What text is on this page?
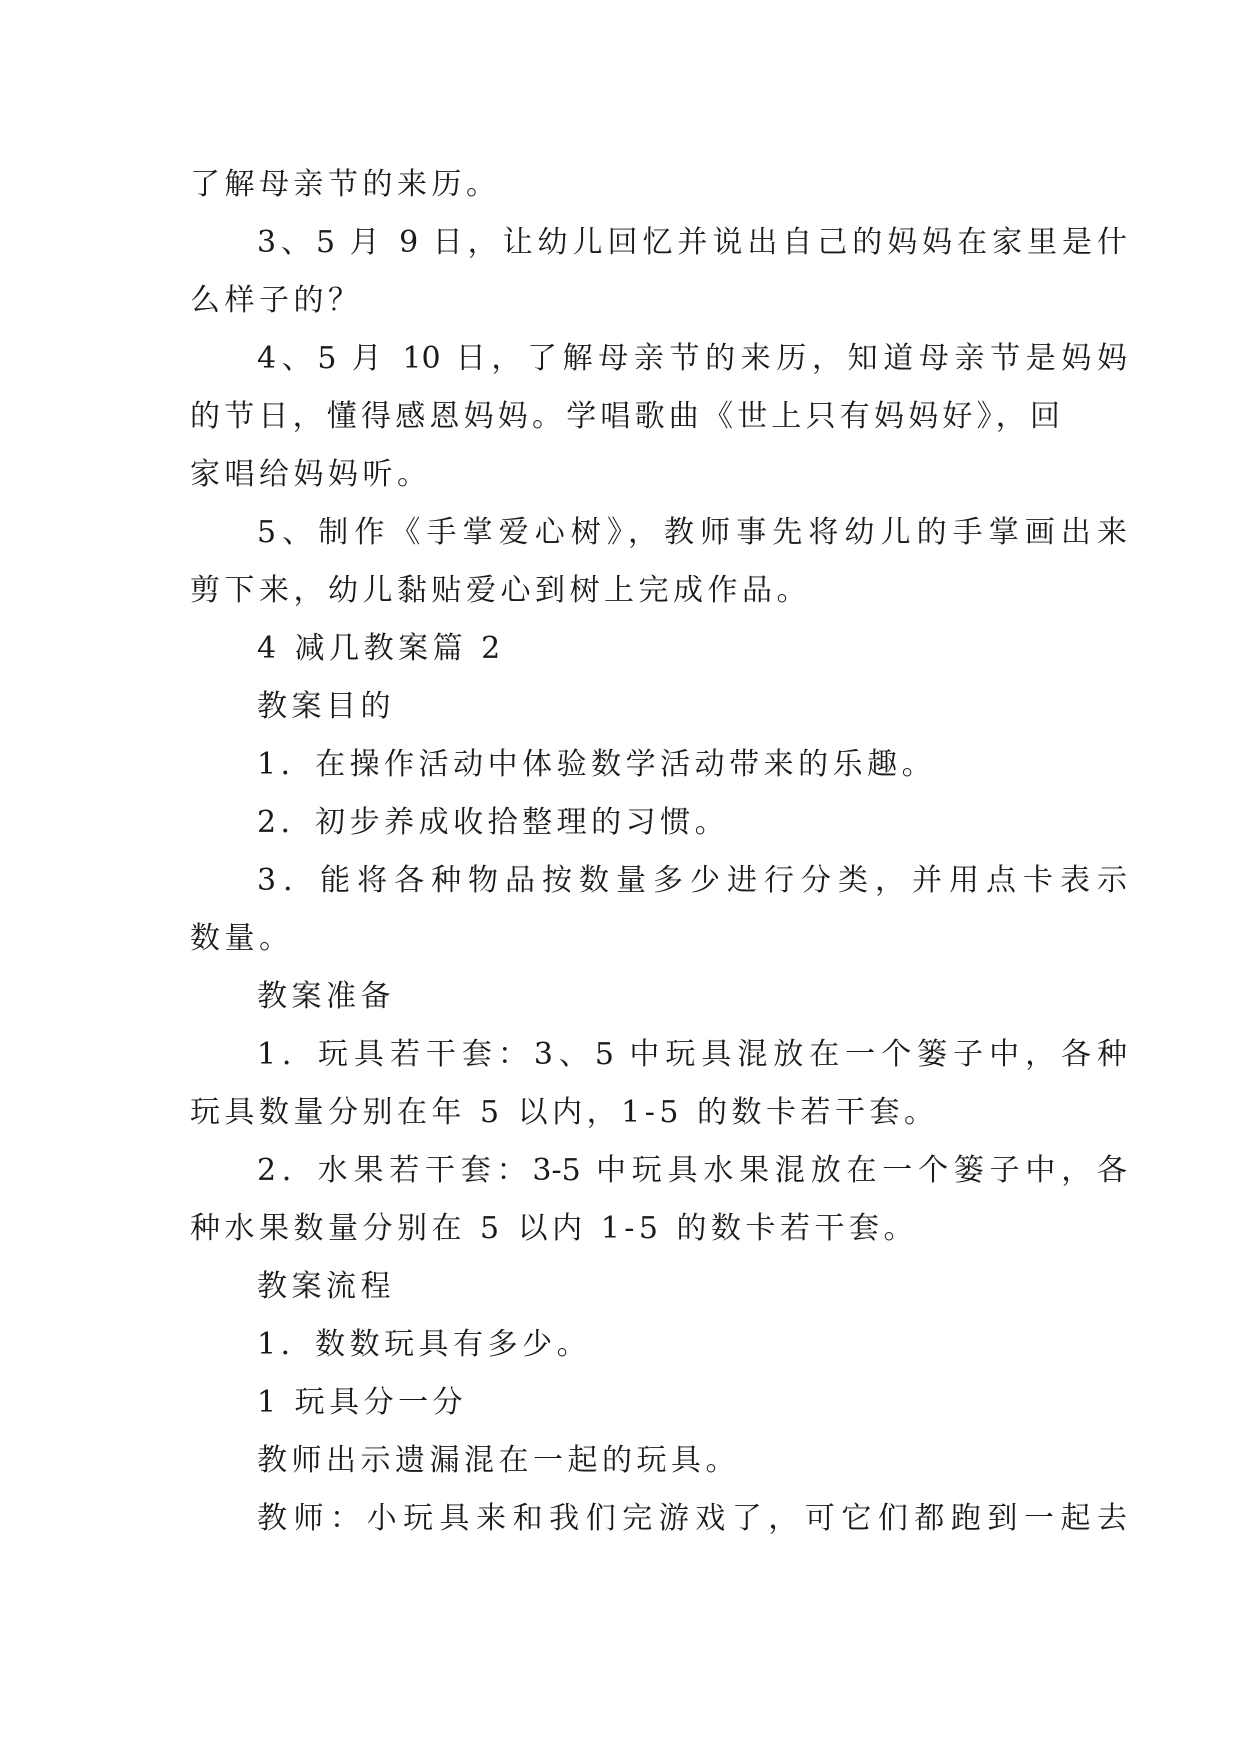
了解母亲节的来历。
3、5 月 9 日，让幼儿回忆并说出自己的妈妈在家里是什
么样子的？
4、5 月 10 日，了解母亲节的来历，知道母亲节是妈妈
的节日，懂得感恩妈妈。学唱歌曲《世上只有妈妈好》，回
家唱给妈妈听。
5、制作《手掌爱心树》，教师事先将幼儿的手掌画出来
剪下来，幼儿黏贴爱心到树上完成作品。
4 减几教案篇 2
教案目的
1．在操作活动中体验数学活动带来的乐趣。
2．初步养成收拾整理的习惯。
3．能将各种物品按数量多少进行分类，并用点卡表示
数量。
教案准备
1．玩具若干套：3、5 中玩具混放在一个篓子中，各种
玩具数量分别在年 5 以内，1-5 的数卡若干套。
2．水果若干套：3-5 中玩具水果混放在一个篓子中，各
种水果数量分别在 5 以内 1-5 的数卡若干套。
教案流程
1．数数玩具有多少。
1 玩具分一分
教师出示遗漏混在一起的玩具。
教师：小玩具来和我们完游戏了，可它们都跑到一起去
